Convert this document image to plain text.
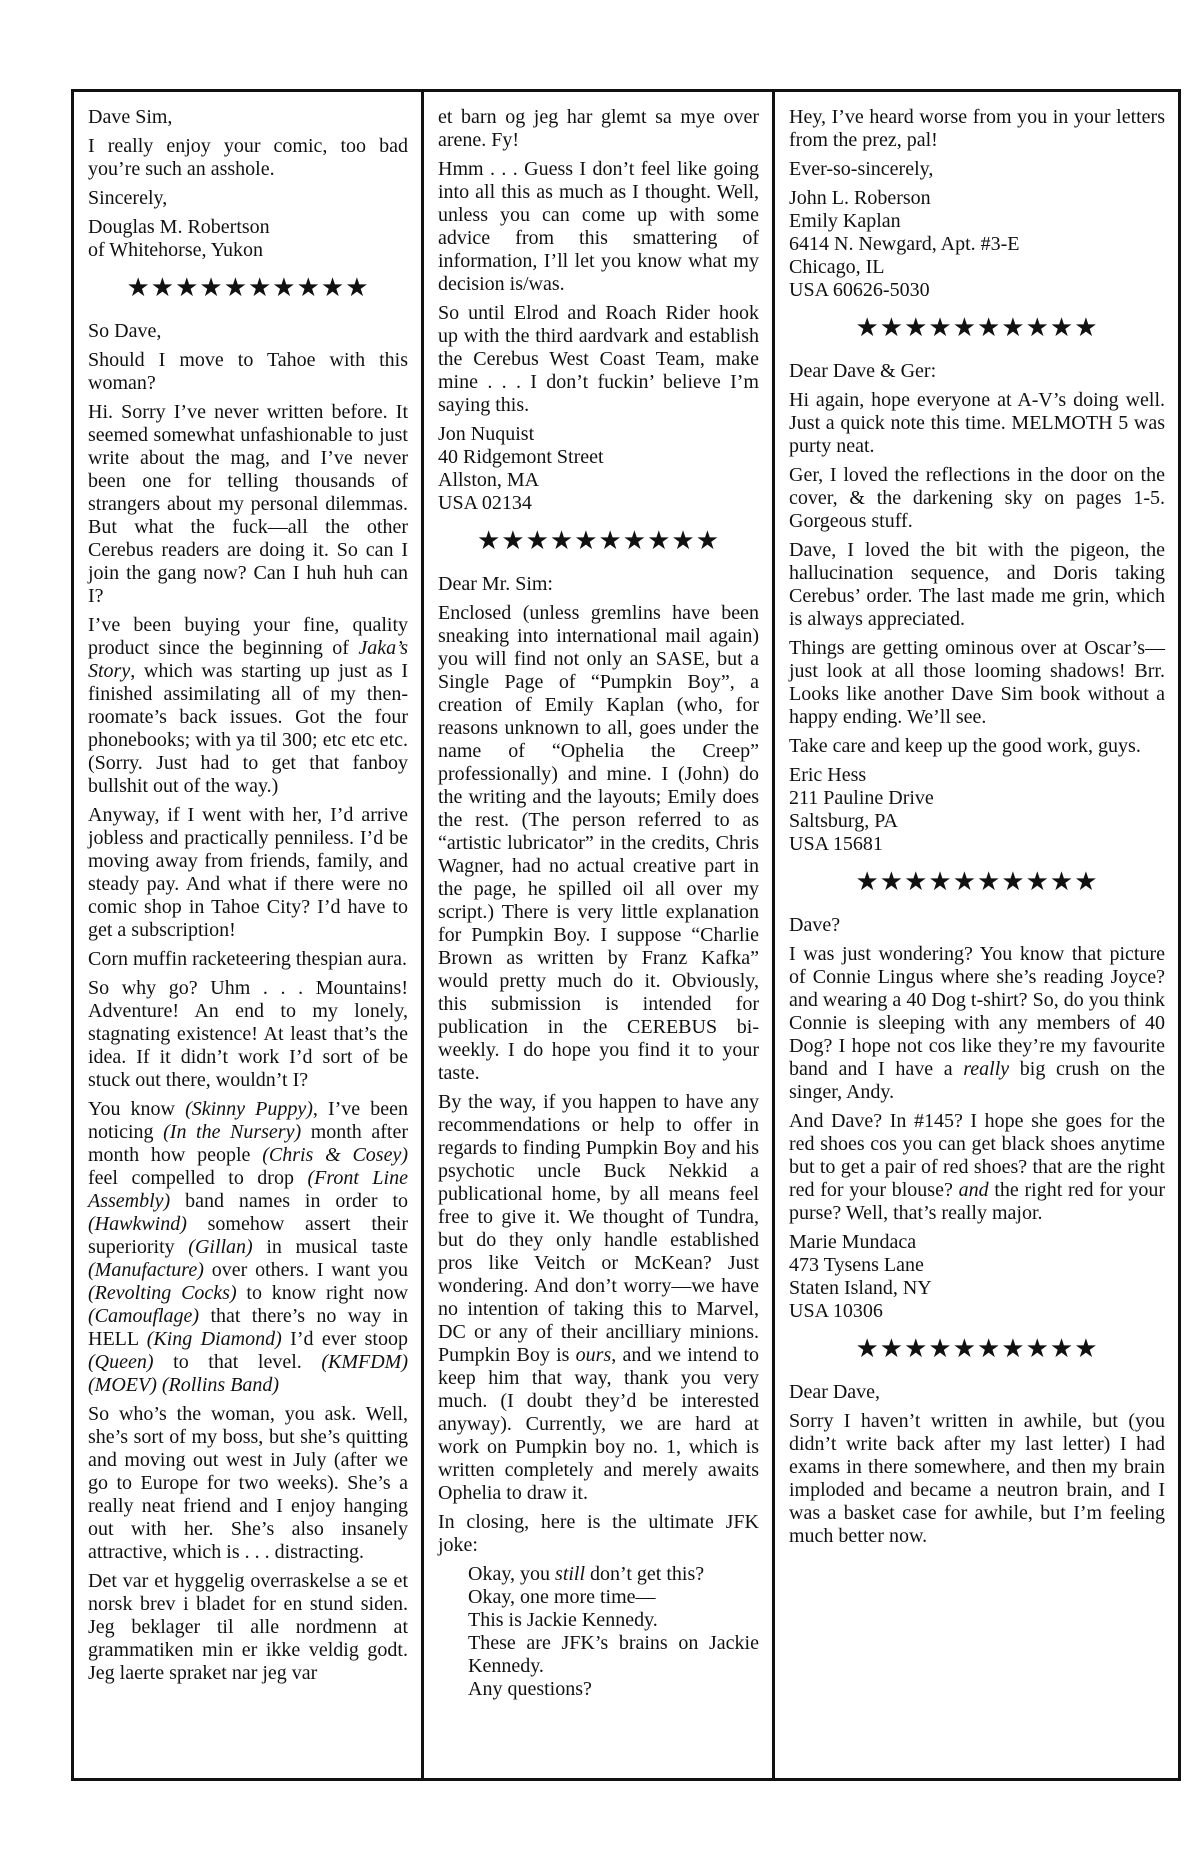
Dave Sim,

I really enjoy your comic, too bad you’re such an asshole.

Sincerely,

Douglas M. Robertson
of Whitehorse, Yukon
★★★★★★★★★★

So Dave,

Should I move to Tahoe with this woman?

Hi. Sorry I’ve never written before. It seemed somewhat unfashionable to just write about the mag, and I’ve never been one for telling thousands of strangers about my personal dilemmas. But what the fuck—all the other Cerebus readers are doing it. So can I join the gang now? Can I huh huh can I?

I’ve been buying your fine, quality product since the beginning of Jaka’s Story, which was starting up just as I finished assimilating all of my then-roomate’s back issues. Got the four phonebooks; with ya til 300; etc etc etc. (Sorry. Just had to get that fanboy bullshit out of the way.)

Anyway, if I went with her, I’d arrive jobless and practically penniless. I’d be moving away from friends, family, and steady pay. And what if there were no comic shop in Tahoe City? I’d have to get a subscription!

Corn muffin racketeering thespian aura.

So why go? Uhm . . . Mountains! Adventure! An end to my lonely, stagnating existence! At least that’s the idea. If it didn’t work I’d sort of be stuck out there, wouldn’t I?

You know (Skinny Puppy), I’ve been noticing (In the Nursery) month after month how people (Chris & Cosey) feel compelled to drop (Front Line Assembly) band names in order to (Hawkwind) somehow assert their superiority (Gillan) in musical taste (Manufacture) over others. I want you (Revolting Cocks) to know right now (Camouflage) that there’s no way in HELL (King Diamond) I’d ever stoop (Queen) to that level. (KMFDM) (MOEV) (Rollins Band)

So who’s the woman, you ask. Well, she’s sort of my boss, but she’s quitting and moving out west in July (after we go to Europe for two weeks). She’s a really neat friend and I enjoy hanging out with her. She’s also insanely attractive, which is . . . distracting.

Det var et hyggelig overraskelse a se et norsk brev i bladet for en stund siden. Jeg beklager til alle nordmenn at grammatiken min er ikke veldig godt. Jeg laerte spraket nar jeg var

et barn og jeg har glemt sa mye over arene. Fy!

Hmm . . . Guess I don’t feel like going into all this as much as I thought. Well, unless you can come up with some advice from this smattering of information, I’ll let you know what my decision is/was.

So until Elrod and Roach Rider hook up with the third aardvark and establish the Cerebus West Coast Team, make mine . . . I don’t fuckin’ believe I’m saying this.

Jon Nuquist
40 Ridgemont Street
Allston, MA
USA 02134
★★★★★★★★★★

Dear Mr. Sim:

Enclosed (unless gremlins have been sneaking into international mail again) you will find not only an SASE, but a Single Page of “Pumpkin Boy”, a creation of Emily Kaplan (who, for reasons unknown to all, goes under the name of “Ophelia the Creep” professionally) and mine. I (John) do the writing and the layouts; Emily does the rest. (The person referred to as “artistic lubricator” in the credits, Chris Wagner, had no actual creative part in the page, he spilled oil all over my script.) There is very little explanation for Pumpkin Boy. I suppose “Charlie Brown as written by Franz Kafka” would pretty much do it. Obviously, this submission is intended for publication in the CEREBUS bi-weekly. I do hope you find it to your taste.

By the way, if you happen to have any recommendations or help to offer in regards to finding Pumpkin Boy and his psychotic uncle Buck Nekkid a publicational home, by all means feel free to give it. We thought of Tundra, but do they only handle established pros like Veitch or McKean? Just wondering. And don’t worry—we have no intention of taking this to Marvel, DC or any of their ancilliary minions. Pumpkin Boy is ours, and we intend to keep him that way, thank you very much. (I doubt they’d be interested anyway). Currently, we are hard at work on Pumpkin boy no. 1, which is written completely and merely awaits Ophelia to draw it.

In closing, here is the ultimate JFK joke:

Okay, you still don’t get this?

Okay, one more time—

This is Jackie Kennedy.

These are JFK’s brains on Jackie Kennedy.

Any questions?

Hey, I’ve heard worse from you in your letters from the prez, pal!

Ever-so-sincerely,

John L. Roberson
Emily Kaplan
6414 N. Newgard, Apt. #3-E
Chicago, IL
USA 60626-5030
★★★★★★★★★★

Dear Dave & Ger:

Hi again, hope everyone at A-V’s doing well. Just a quick note this time. MELMOTH 5 was purty neat.

Ger, I loved the reflections in the door on the cover, & the darkening sky on pages 1-5. Gorgeous stuff.

Dave, I loved the bit with the pigeon, the hallucination sequence, and Doris taking Cerebus’ order. The last made me grin, which is always appreciated.

Things are getting ominous over at Oscar’s—just look at all those looming shadows! Brr. Looks like another Dave Sim book without a happy ending. We’ll see.

Take care and keep up the good work, guys.

Eric Hess
211 Pauline Drive
Saltsburg, PA
USA 15681
★★★★★★★★★★

Dave?

I was just wondering? You know that picture of Connie Lingus where she’s reading Joyce? and wearing a 40 Dog t-shirt? So, do you think Connie is sleeping with any members of 40 Dog? I hope not cos like they’re my favourite band and I have a really big crush on the singer, Andy.

And Dave? In #145? I hope she goes for the red shoes cos you can get black shoes anytime but to get a pair of red shoes? that are the right red for your blouse? and the right red for your purse? Well, that’s really major.

Marie Mundaca
473 Tysens Lane
Staten Island, NY
USA 10306
★★★★★★★★★★

Dear Dave,

Sorry I haven’t written in awhile, but (you didn’t write back after my last letter) I had exams in there somewhere, and then my brain imploded and became a neutron brain, and I was a basket case for awhile, but I’m feeling much better now.
